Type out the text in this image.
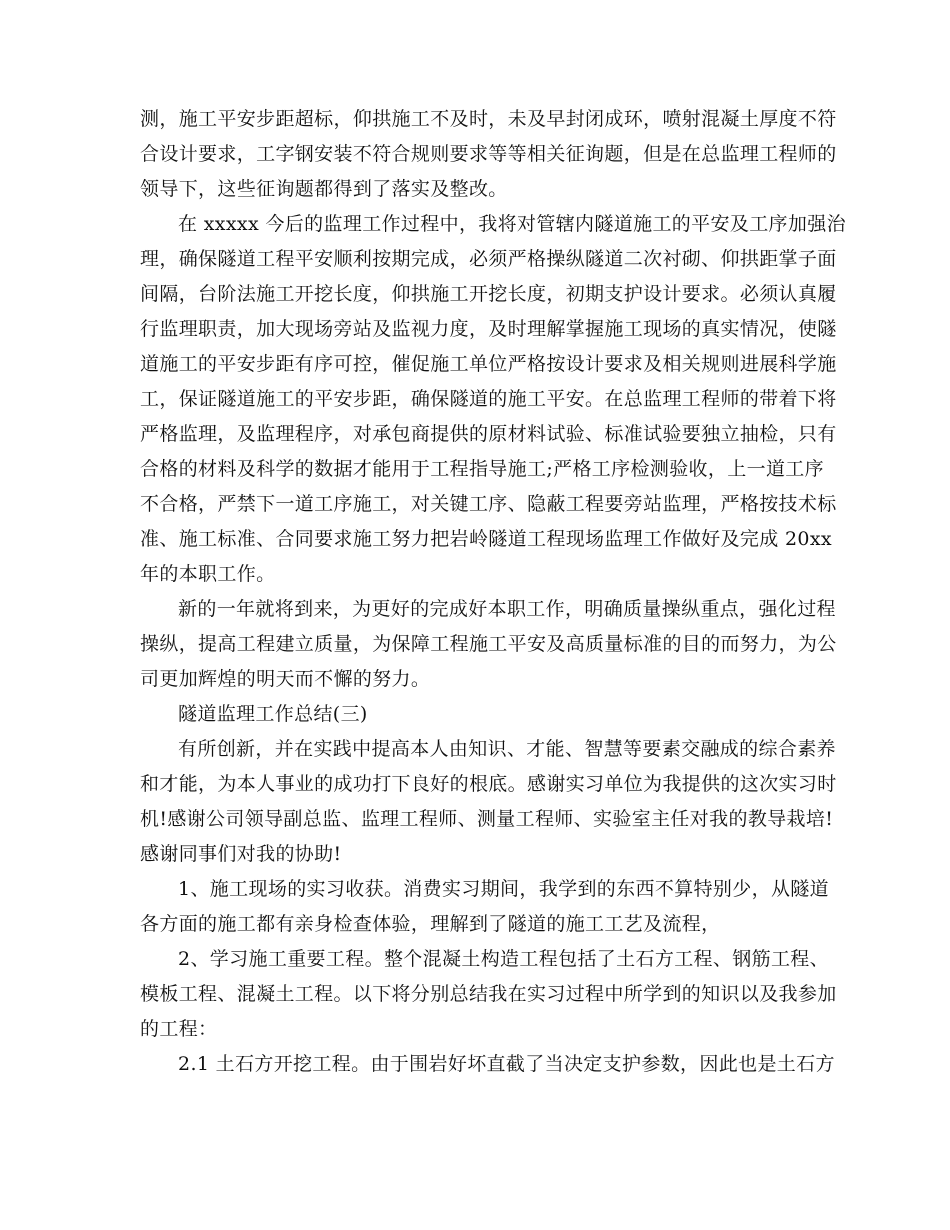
测，施工平安步距超标，仰拱施工不及时，未及早封闭成环，喷射混凝土厚度不符
合设计要求，工字钢安装不符合规则要求等等相关征询题，但是在总监理工程师的
领导下，这些征询题都得到了落实及整改。
在 xxxxx 今后的监理工作过程中，我将对管辖内隧道施工的平安及工序加强治
理，确保隧道工程平安顺利按期完成，必须严格操纵隧道二次衬砌、仰拱距掌子面
间隔，台阶法施工开挖长度，仰拱施工开挖长度，初期支护设计要求。必须认真履
行监理职责，加大现场旁站及监视力度，及时理解掌握施工现场的真实情况，使隧
道施工的平安步距有序可控，催促施工单位严格按设计要求及相关规则进展科学施
工，保证隧道施工的平安步距，确保隧道的施工平安。在总监理工程师的带着下将
严格监理，及监理程序，对承包商提供的原材料试验、标准试验要独立抽检，只有
合格的材料及科学的数据才能用于工程指导施工;严格工序检测验收，上一道工序
不合格，严禁下一道工序施工，对关键工序、隐蔽工程要旁站监理，严格按技术标
准、施工标准、合同要求施工努力把岩岭隧道工程现场监理工作做好及完成 20xx
年的本职工作。
新的一年就将到来，为更好的完成好本职工作，明确质量操纵重点，强化过程
操纵，提高工程建立质量，为保障工程施工平安及高质量标准的目的而努力，为公
司更加辉煌的明天而不懈的努力。
隧道监理工作总结(三)
有所创新，并在实践中提高本人由知识、才能、智慧等要素交融成的综合素养
和才能，为本人事业的成功打下良好的根底。感谢实习单位为我提供的这次实习时
机!感谢公司领导副总监、监理工程师、测量工程师、实验室主任对我的教导栽培!
感谢同事们对我的协助!
1、施工现场的实习收获。消费实习期间，我学到的东西不算特别少，从隧道
各方面的施工都有亲身检查体验，理解到了隧道的施工工艺及流程，
2、学习施工重要工程。整个混凝土构造工程包括了土石方工程、钢筋工程、
模板工程、混凝土工程。以下将分别总结我在实习过程中所学到的知识以及我参加
的工程：
2.1 土石方开挖工程。由于围岩好坏直截了当决定支护参数，因此也是土石方
